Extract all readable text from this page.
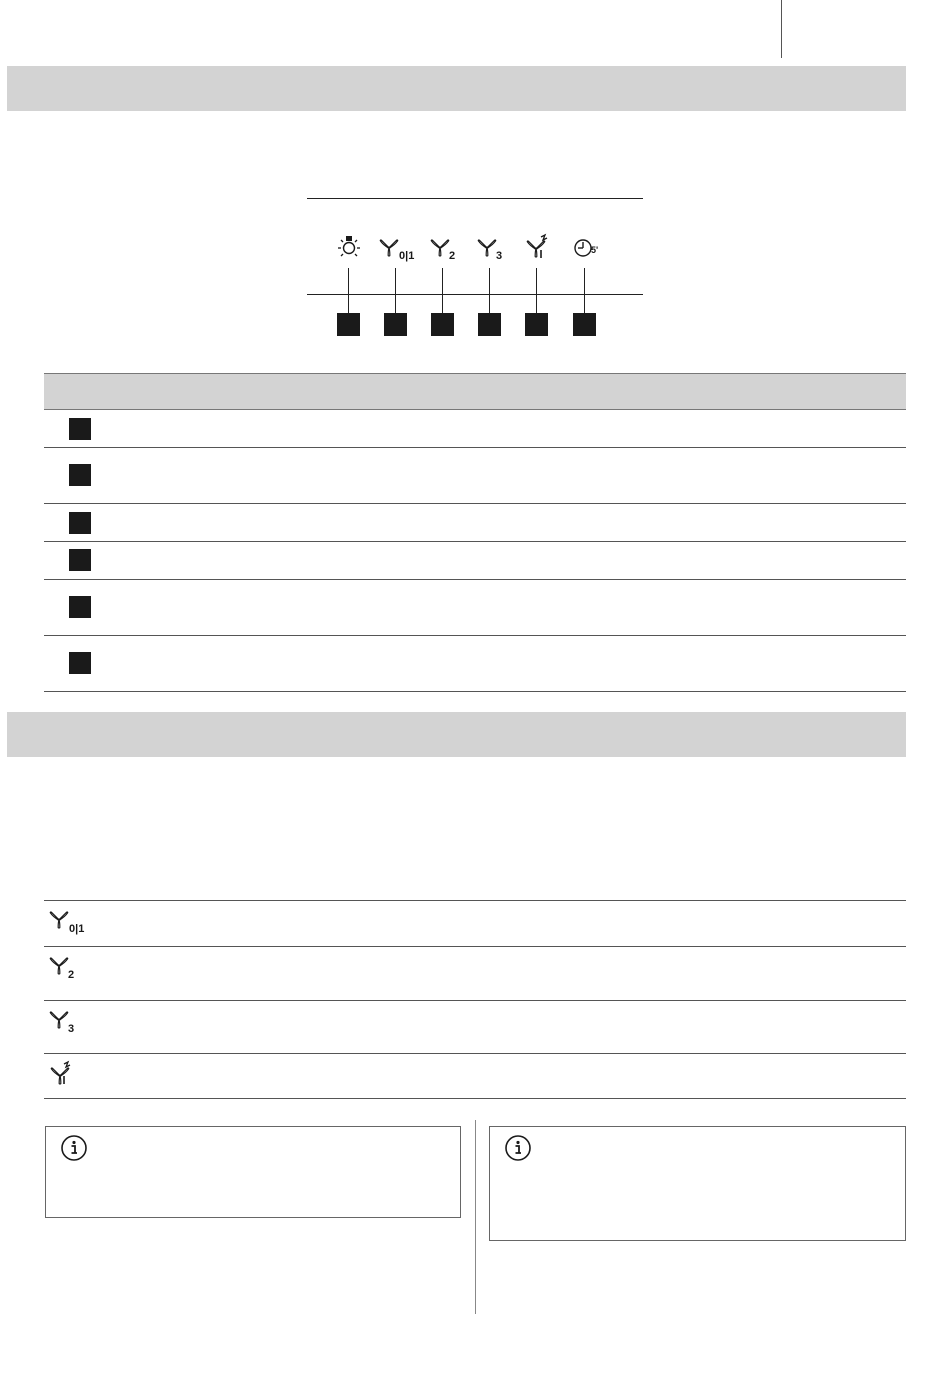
0|1	2	3	5'
0|1
2
3
